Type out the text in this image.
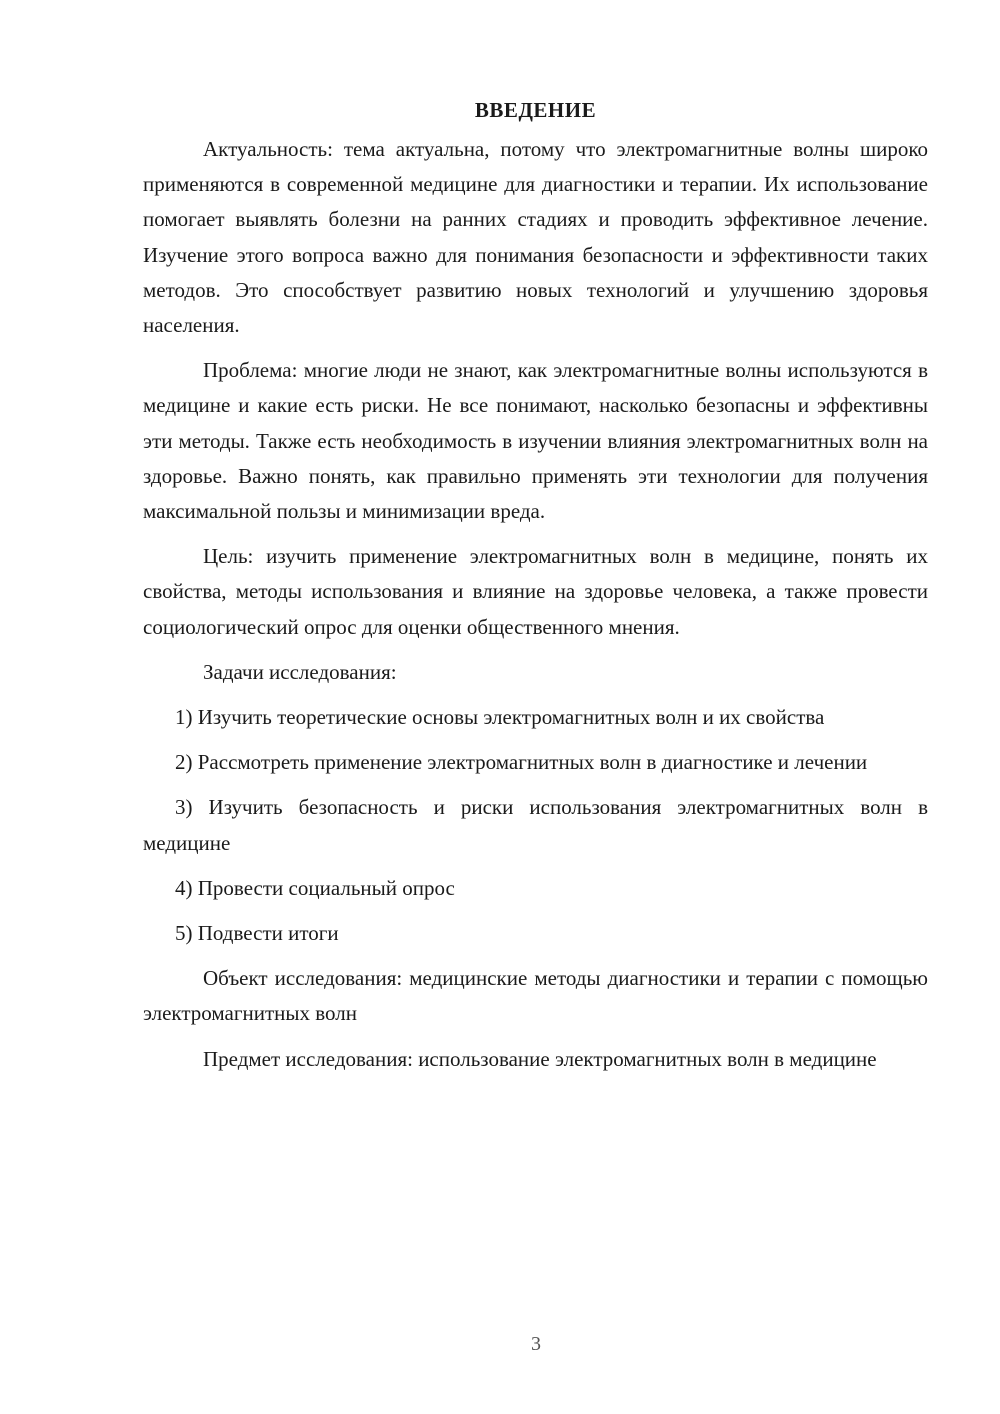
ВВЕДЕНИЕ

Актуальность: тема актуальна, потому что электромагнитные волны широко применяются в современной медицине для диагностики и терапии. Их использование помогает выявлять болезни на ранних стадиях и проводить эффективное лечение. Изучение этого вопроса важно для понимания безопасности и эффективности таких методов. Это способствует развитию новых технологий и улучшению здоровья населения.

Проблема: многие люди не знают, как электромагнитные волны используются в медицине и какие есть риски. Не все понимают, насколько безопасны и эффективны эти методы. Также есть необходимость в изучении влияния электромагнитных волн на здоровье. Важно понять, как правильно применять эти технологии для получения максимальной пользы и минимизации вреда.

Цель: изучить применение электромагнитных волн в медицине, понять их свойства, методы использования и влияние на здоровье человека, а также провести социологический опрос для оценки общественного мнения.

Задачи исследования:

1) Изучить теоретические основы электромагнитных волн и их свойства

2) Рассмотреть применение электромагнитных волн в диагностике и лечении

3) Изучить безопасность и риски использования электромагнитных волн в медицине

4) Провести социальный опрос

5) Подвести итоги

Объект исследования: медицинские методы диагностики и терапии с помощью электромагнитных волн

Предмет исследования: использование электромагнитных волн в медицине

3
